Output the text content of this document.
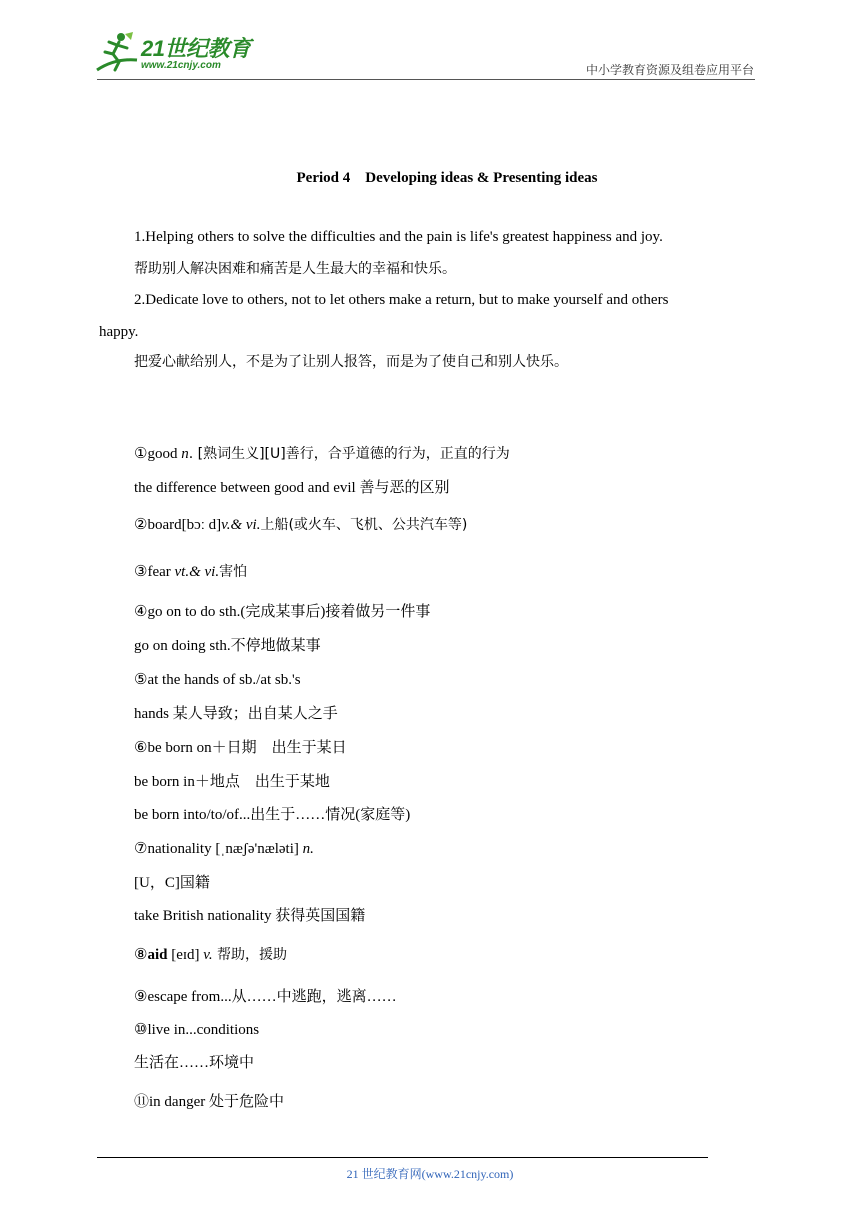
21世纪教育
www.21cnjy.com	中小学教育资源及组卷应用平台
Period 4　Developing ideas & Presenting ideas
1.Helping others to solve the difficulties and the pain is life's greatest happiness and joy.
帮助别人解决困难和痛苦是人生最大的幸福和快乐。
2.Dedicate love to others, not to let others make a return, but to make yourself and others
happy.
把爱心献给别人，不是为了让别人报答，而是为了使自己和别人快乐。
①good n. [熟词生义][U]善行，合乎道德的行为，正直的行为
the difference between good and evil 善与恶的区别
②board[bɔː d]v.& vi.上船(或火车、飞机、公共汽车等)
③fear vt.& vi.害怕
④go on to do sth.(完成某事后)接着做另一件事
go on doing sth.不停地做某事
⑤at the hands of sb./at sb.'s
hands 某人导致；出自某人之手
⑥be born on＋日期　出生于某日
be born in＋地点　出生于某地
be born into/to/of...出生于……情况(家庭等)
⑦nationality [ˌnæʃə'næləti] n.
[U，C]国籍
take British nationality 获得英国国籍
⑧aid [eɪd] v. 帮助，援助
⑨escape from...从……中逃跑，逃离……
⑩live in...conditions
生活在……环境中
⑪in danger 处于危险中
21 世纪教育网(www.21cnjy.com)
